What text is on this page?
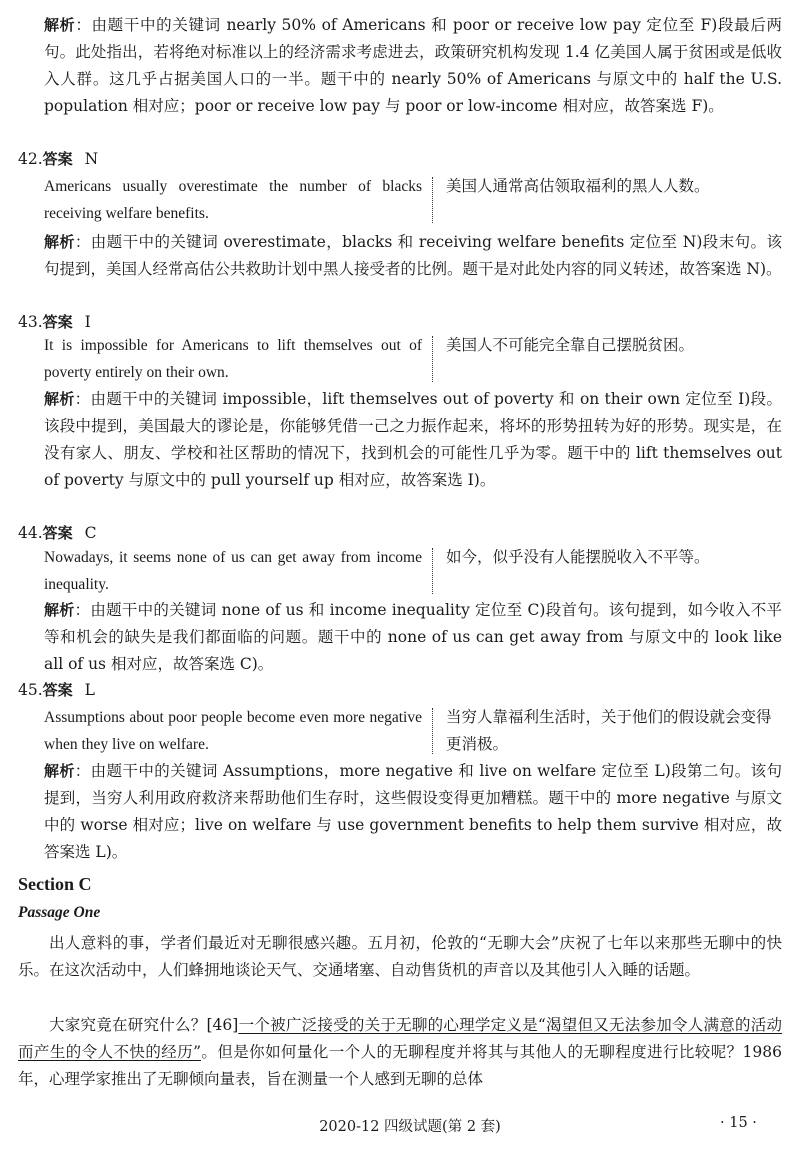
解析：由题干中的关键词 nearly 50% of Americans 和 poor or receive low pay 定位至 F)段最后两句。此处指出，若将绝对标准以上的经济需求考虑进去，政策研究机构发现 1.4 亿美国人属于贫困或是低收入人群。这几乎占据美国人口的一半。题干中的 nearly 50% of Americans 与原文中的 half the U.S. population 相对应；poor or receive low pay 与 poor or low-income 相对应，故答案选 F)。
42.答案 N
Americans usually overestimate the number of blacks receiving welfare benefits.
美国人通常高估领取福利的黑人人数。
解析：由题干中的关键词 overestimate，blacks 和 receiving welfare benefits 定位至 N)段末句。该句提到，美国人经常高估公共救助计划中黑人接受者的比例。题干是对此处内容的同义转述，故答案选 N)。
43.答案 I
It is impossible for Americans to lift themselves out of poverty entirely on their own.
美国人不可能完全靠自己摆脱贫困。
解析：由题干中的关键词 impossible，lift themselves out of poverty 和 on their own 定位至 I)段。该段中提到，美国最大的谬论是，你能够凭借一己之力振作起来，将坏的形势扭转为好的形势。现实是，在没有家人、朋友、学校和社区帮助的情况下，找到机会的可能性几乎为零。题干中的 lift themselves out of poverty 与原文中的 pull yourself up 相对应，故答案选 I)。
44.答案 C
Nowadays, it seems none of us can get away from income inequality.
如今，似乎没有人能摆脱收入不平等。
解析：由题干中的关键词 none of us 和 income inequality 定位至 C)段首句。该句提到，如今收入不平等和机会的缺失是我们都面临的问题。题干中的 none of us can get away from 与原文中的 look like all of us 相对应，故答案选 C)。
45.答案 L
Assumptions about poor people become even more negative when they live on welfare.
当穷人靠福利生活时，关于他们的假设就会变得更消极。
解析：由题干中的关键词 Assumptions，more negative 和 live on welfare 定位至 L)段第二句。该句提到，当穷人利用政府救济来帮助他们生存时，这些假设变得更加糟糕。题干中的 more negative 与原文中的 worse 相对应；live on welfare 与 use government benefits to help them survive 相对应，故答案选 L)。
Section C
Passage One
出人意料的事，学者们最近对无聊很感兴趣。五月初，伦敦的“无聊大会”庆祝了七年以来那些无聊中的快乐。在这次活动中，人们蜂拥地谈论天气、交通堵塞、自动售货机的声音以及其他引人入睡的话题。
大家究竟在研究什么？[46]一个被广泛接受的关于无聊的心理学定义是“渴望但又无法参加令人满意的活动而产生的令人不快的经历”。但是你如何量化一个人的无聊程度并将其与其他人的无聊程度进行比较呢？1986 年，心理学家推出了无聊倾向量表，旨在测量一个人感到无聊的总体
2020-12 四级试题(第 2 套)	· 15 ·
